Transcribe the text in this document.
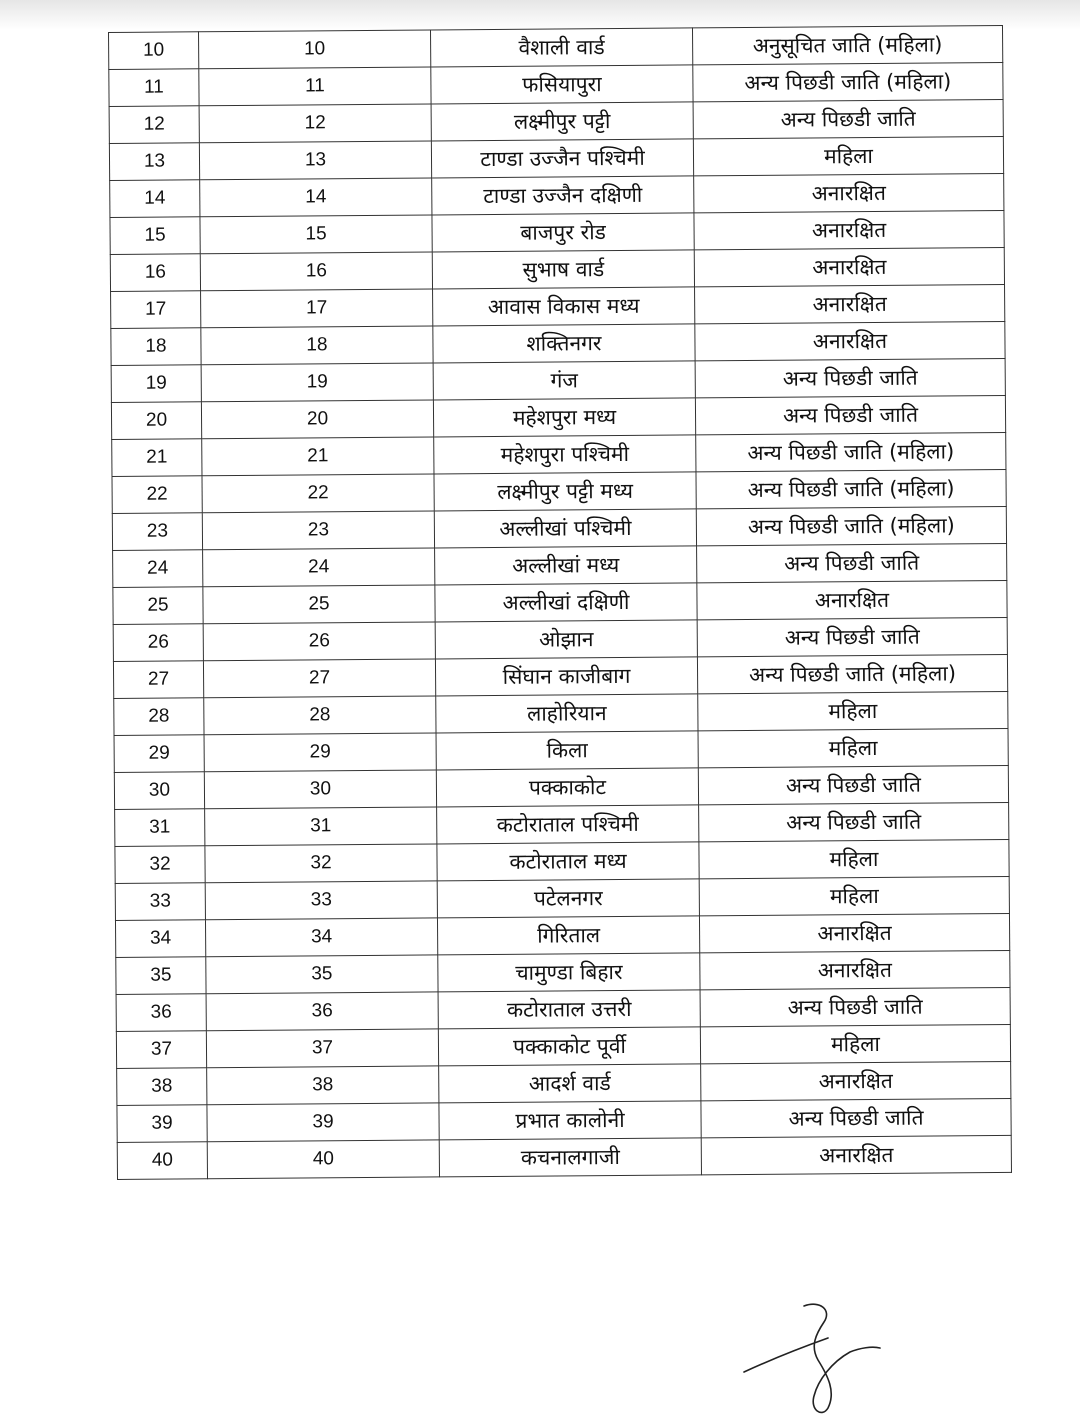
10	10	वैशाली वार्ड	अनुसूचित जाति (महिला)
11	11	फसियापुरा	अन्य पिछडी जाति (महिला)
12	12	लक्ष्मीपुर पट्टी	अन्य पिछडी जाति
13	13	टाण्डा उज्जैन पश्चिमी	महिला
14	14	टाण्डा उज्जैन दक्षिणी	अनारक्षित
15	15	बाजपुर रोड	अनारक्षित
16	16	सुभाष वार्ड	अनारक्षित
17	17	आवास विकास मध्य	अनारक्षित
18	18	शक्तिनगर	अनारक्षित
19	19	गंज	अन्य पिछडी जाति
20	20	महेशपुरा मध्य	अन्य पिछडी जाति
21	21	महेशपुरा पश्चिमी	अन्य पिछडी जाति (महिला)
22	22	लक्ष्मीपुर पट्टी मध्य	अन्य पिछडी जाति (महिला)
23	23	अल्लीखां पश्चिमी	अन्य पिछडी जाति (महिला)
24	24	अल्लीखां मध्य	अन्य पिछडी जाति
25	25	अल्लीखां दक्षिणी	अनारक्षित
26	26	ओझान	अन्य पिछडी जाति
27	27	सिंघान काजीबाग	अन्य पिछडी जाति (महिला)
28	28	लाहोरियान	महिला
29	29	किला	महिला
30	30	पक्काकोट	अन्य पिछडी जाति
31	31	कटोराताल पश्चिमी	अन्य पिछडी जाति
32	32	कटोराताल मध्य	महिला
33	33	पटेलनगर	महिला
34	34	गिरिताल	अनारक्षित
35	35	चामुण्डा बिहार	अनारक्षित
36	36	कटोराताल उत्तरी	अन्य पिछडी जाति
37	37	पक्काकोट पूर्वी	महिला
38	38	आदर्श वार्ड	अनारक्षित
39	39	प्रभात कालोनी	अन्य पिछडी जाति
40	40	कचनालगाजी	अनारक्षित
